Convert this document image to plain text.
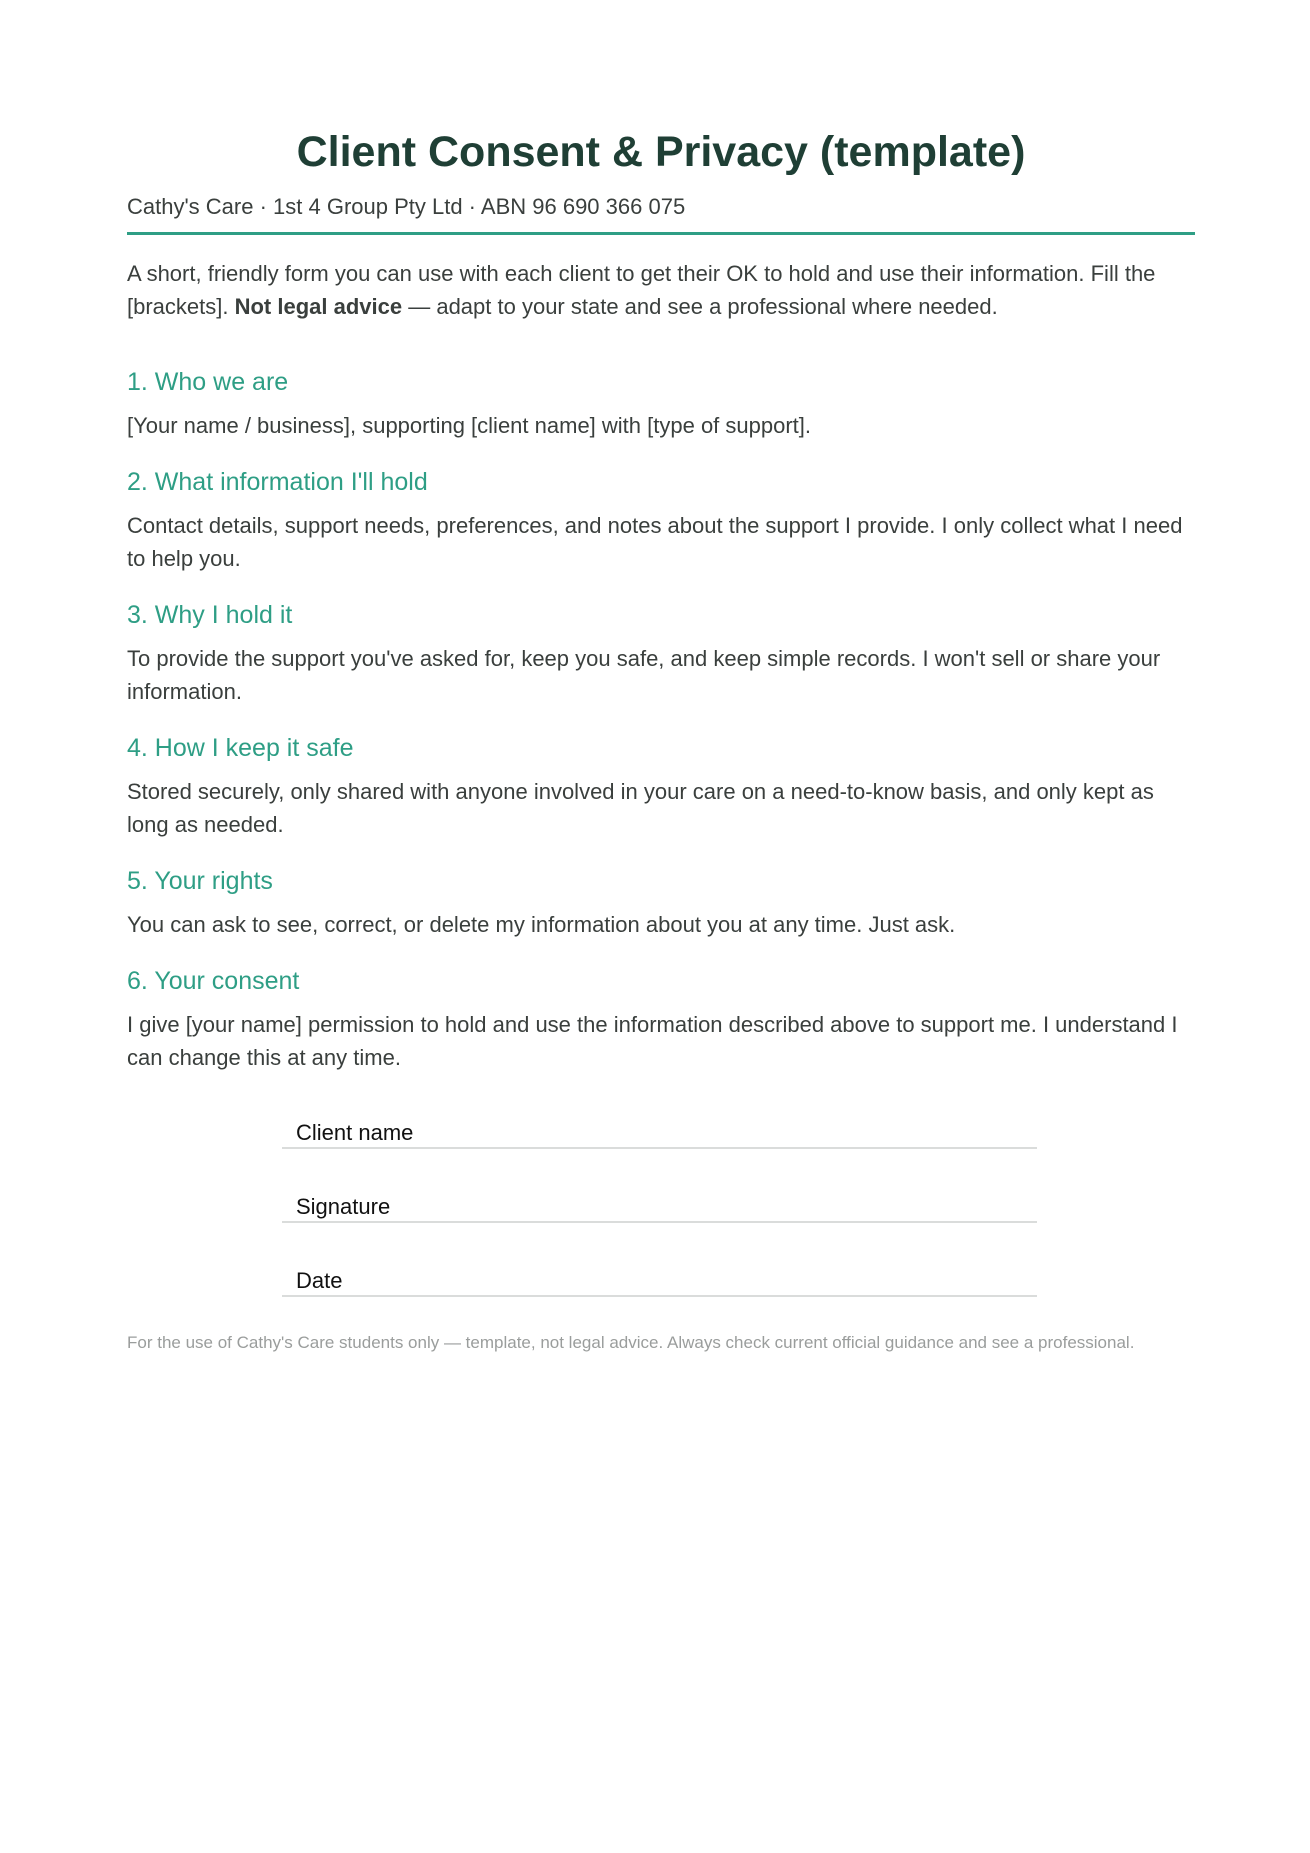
Client Consent & Privacy (template)
Cathy's Care · 1st 4 Group Pty Ltd · ABN 96 690 366 075

A short, friendly form you can use with each client to get their OK to hold and use their information. Fill the [brackets]. Not legal advice — adapt to your state and see a professional where needed.

1. Who we are

[Your name / business], supporting [client name] with [type of support].

2. What information I'll hold

Contact details, support needs, preferences, and notes about the support I provide. I only collect what I need to help you.

3. Why I hold it

To provide the support you've asked for, keep you safe, and keep simple records. I won't sell or share your information.

4. How I keep it safe

Stored securely, only shared with anyone involved in your care on a need-to-know basis, and only kept as long as needed.

5. Your rights

You can ask to see, correct, or delete my information about you at any time. Just ask.

6. Your consent

I give [your name] permission to hold and use the information described above to support me. I understand I can change this at any time.

Client name
Signature
Date
For the use of Cathy's Care students only — template, not legal advice. Always check current official guidance and see a professional.
